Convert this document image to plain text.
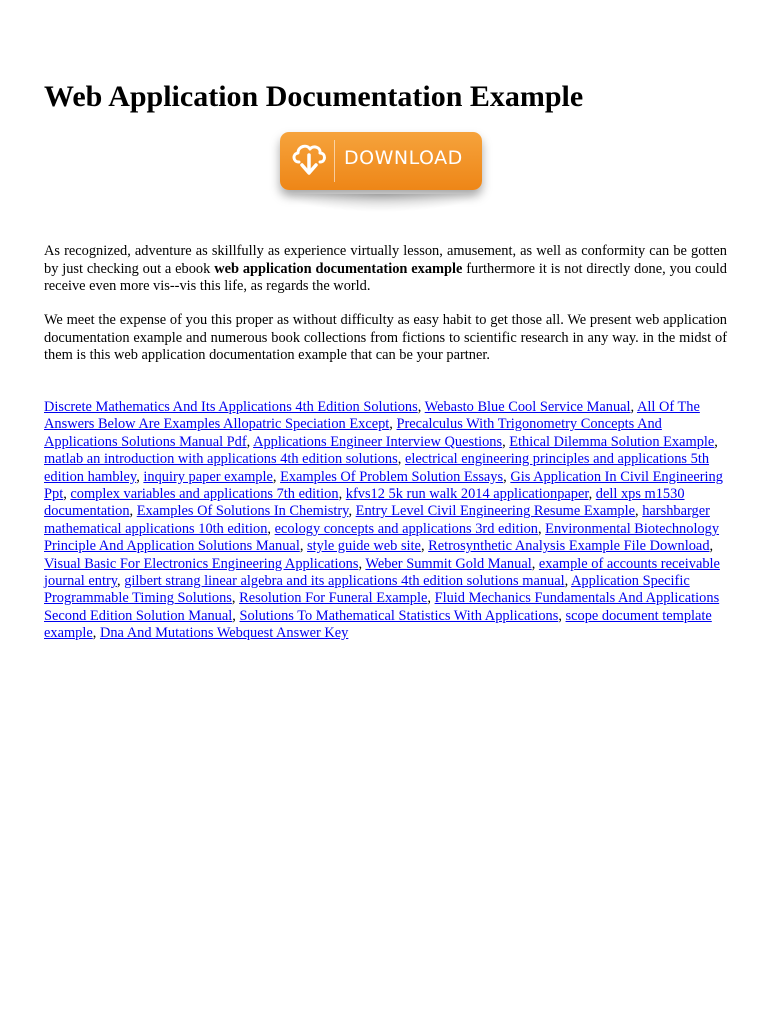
Web Application Documentation Example
DOWNLOAD

As recognized, adventure as skillfully as experience virtually lesson, amusement, as well as conformity can be gotten by just checking out a ebook web application documentation example furthermore it is not directly done, you could receive even more vis--vis this life, as regards the world.

We meet the expense of you this proper as without difficulty as easy habit to get those all. We present web application documentation example and numerous book collections from fictions to scientific research in any way. in the midst of them is this web application documentation example that can be your partner.

Discrete Mathematics And Its Applications 4th Edition Solutions, Webasto Blue Cool Service Manual, All Of The Answers Below Are Examples Allopatric Speciation Except, Precalculus With Trigonometry Concepts And Applications Solutions Manual Pdf, Applications Engineer Interview Questions, Ethical Dilemma Solution Example, matlab an introduction with applications 4th edition solutions, electrical engineering principles and applications 5th edition hambley, inquiry paper example, Examples Of Problem Solution Essays, Gis Application In Civil Engineering Ppt, complex variables and applications 7th edition, kfvs12 5k run walk 2014 applicationpaper, dell xps m1530 documentation, Examples Of Solutions In Chemistry, Entry Level Civil Engineering Resume Example, harshbarger mathematical applications 10th edition, ecology concepts and applications 3rd edition, Environmental Biotechnology Principle And Application Solutions Manual, style guide web site, Retrosynthetic Analysis Example File Download, Visual Basic For Electronics Engineering Applications, Weber Summit Gold Manual, example of accounts receivable journal entry, gilbert strang linear algebra and its applications 4th edition solutions manual, Application Specific Programmable Timing Solutions, Resolution For Funeral Example, Fluid Mechanics Fundamentals And Applications Second Edition Solution Manual, Solutions To Mathematical Statistics With Applications, scope document template example, Dna And Mutations Webquest Answer Key
